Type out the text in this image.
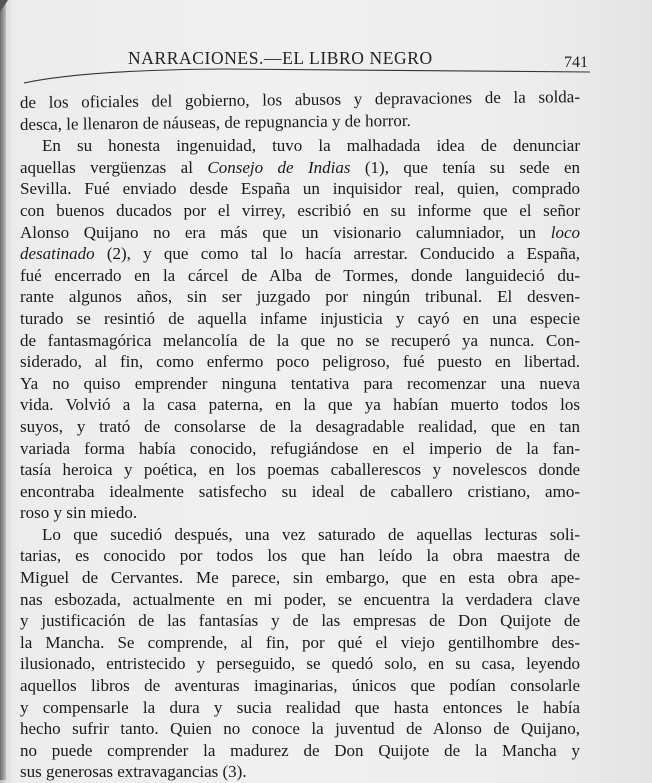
NARRACIONES.—EL LIBRO NEGRO	741
de los oficiales del gobierno, los abusos y depravaciones de la solda-
desca, le llenaron de náuseas, de repugnancia y de horror.
En su honesta ingenuidad, tuvo la malhadada idea de denunciar
aquellas vergüenzas al Consejo de Indias (1), que tenía su sede en
Sevilla. Fué enviado desde España un inquisidor real, quien, comprado
con buenos ducados por el virrey, escribió en su informe que el señor
Alonso Quijano no era más que un visionario calumniador, un loco
desatinado (2), y que como tal lo hacía arrestar. Conducido a España,
fué encerrado en la cárcel de Alba de Tormes, donde languideció du-
rante algunos años, sin ser juzgado por ningún tribunal. El desven-
turado se resintió de aquella infame injusticia y cayó en una especie
de fantasmagórica melancolía de la que no se recuperó ya nunca. Con-
siderado, al fin, como enfermo poco peligroso, fué puesto en libertad.
Ya no quiso emprender ninguna tentativa para recomenzar una nueva
vida. Volvió a la casa paterna, en la que ya habían muerto todos los
suyos, y trató de consolarse de la desagradable realidad, que en tan
variada forma había conocido, refugiándose en el imperio de la fan-
tasía heroica y poética, en los poemas caballerescos y novelescos donde
encontraba idealmente satisfecho su ideal de caballero cristiano, amo-
roso y sin miedo.
Lo que sucedió después, una vez saturado de aquellas lecturas soli-
tarias, es conocido por todos los que han leído la obra maestra de
Miguel de Cervantes. Me parece, sin embargo, que en esta obra ape-
nas esbozada, actualmente en mi poder, se encuentra la verdadera clave
y justificación de las fantasías y de las empresas de Don Quijote de
la Mancha. Se comprende, al fin, por qué el viejo gentilhombre des-
ilusionado, entristecido y perseguido, se quedó solo, en su casa, leyendo
aquellos libros de aventuras imaginarias, únicos que podían consolarle
y compensarle la dura y sucia realidad que hasta entonces le había
hecho sufrir tanto. Quien no conoce la juventud de Alonso de Quijano,
no puede comprender la madurez de Don Quijote de la Mancha y
sus generosas extravagancias (3).
